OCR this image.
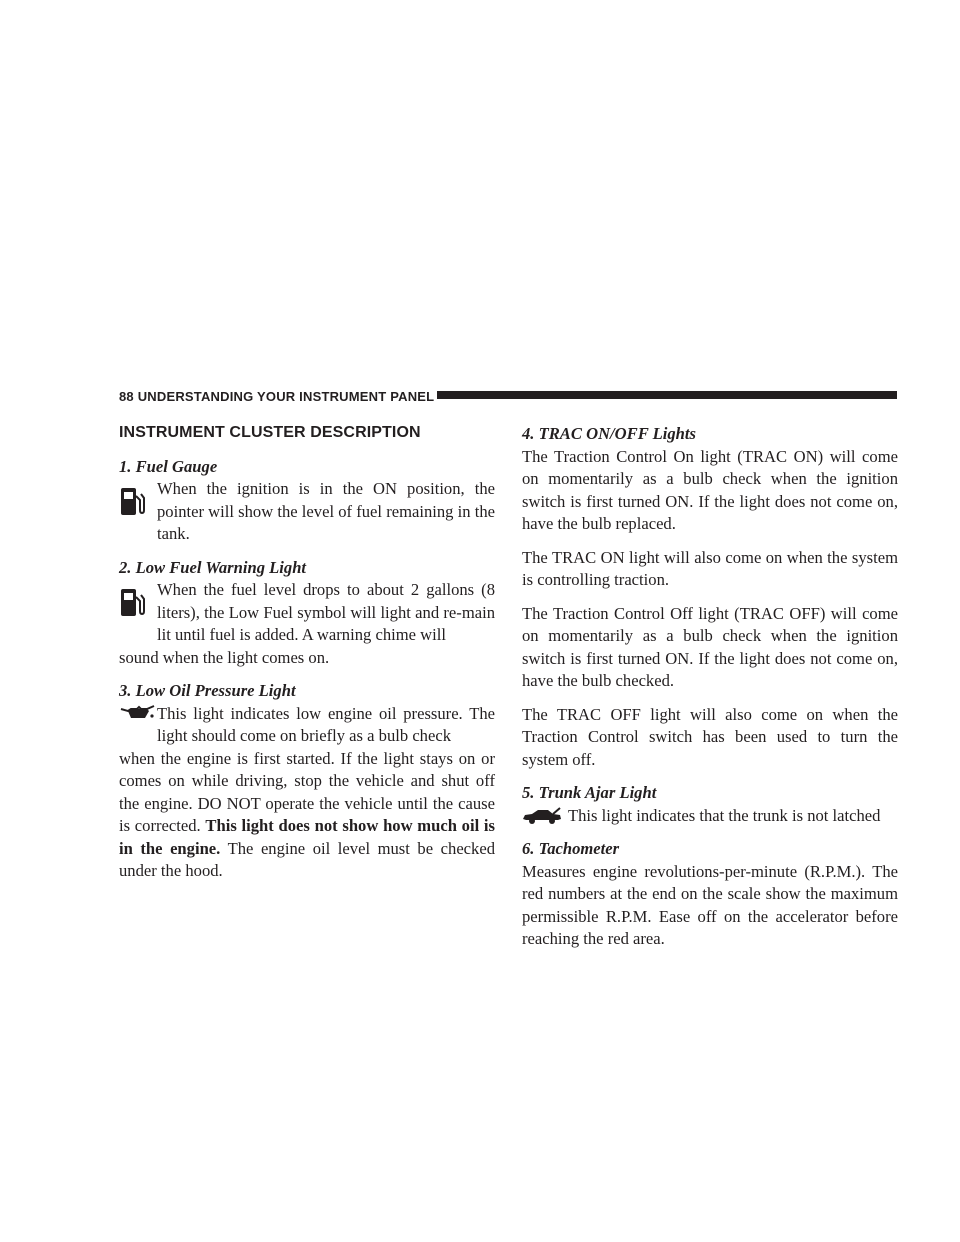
88 UNDERSTANDING YOUR INSTRUMENT PANEL
INSTRUMENT CLUSTER DESCRIPTION
1. Fuel Gauge

When the ignition is in the ON position, the pointer will show the level of fuel remaining in the tank.

2. Low Fuel Warning Light

When the fuel level drops to about 2 gallons (8 liters), the Low Fuel symbol will light and re-main lit until fuel is added. A warning chime will

sound when the light comes on.

3. Low Oil Pressure Light

This light indicates low engine oil pressure. The light should come on briefly as a bulb check

when the engine is first started. If the light stays on or comes on while driving, stop the vehicle and shut off the engine. DO NOT operate the vehicle until the cause is corrected. This light does not show how much oil is in the engine. The engine oil level must be checked under the hood.

4. TRAC ON/OFF Lights

The Traction Control On light (TRAC ON) will come on momentarily as a bulb check when the ignition switch is first turned ON. If the light does not come on, have the bulb replaced.

The TRAC ON light will also come on when the system is controlling traction.

The Traction Control Off light (TRAC OFF) will come on momentarily as a bulb check when the ignition switch is first turned ON. If the light does not come on, have the bulb checked.

The TRAC OFF light will also come on when the Traction Control switch has been used to turn the system off.

5. Trunk Ajar Light

This light indicates that the trunk is not latched

6. Tachometer

Measures engine revolutions-per-minute (R.P.M.). The red numbers at the end on the scale show the maximum permissible R.P.M. Ease off on the accelerator before reaching the red area.
